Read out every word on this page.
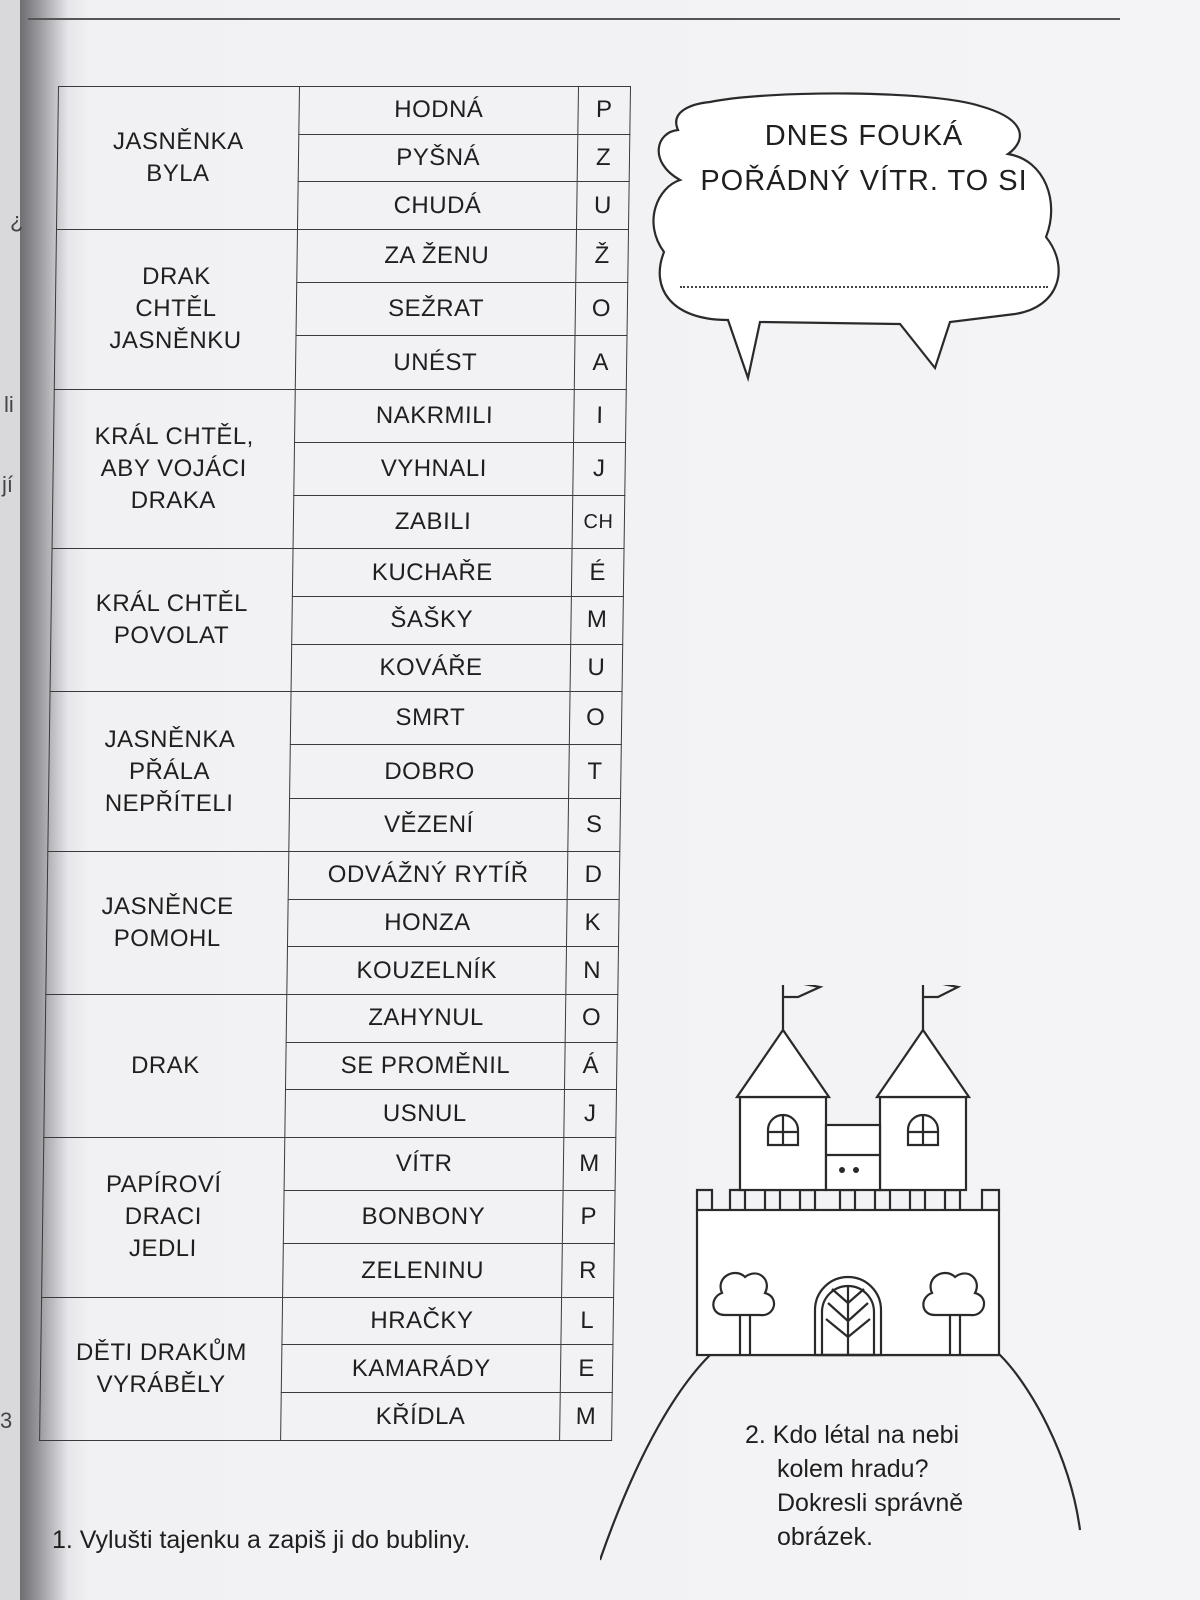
¿
li
jí
3
JASNĚNKA
BYLA	HODNÁ	P
	PYŠNÁ	Z
	CHUDÁ	U

DRAK
CHTĚL
JASNĚNKU	ZA ŽENU	Ž
	SEŽRAT	O
	UNÉST	A

KRÁL CHTĚL,
ABY VOJÁCI
DRAKA	NAKRMILI	I
	VYHNALI	J
	ZABILI	CH

KRÁL CHTĚL
POVOLAT	KUCHAŘE	É
	ŠAŠKY	M
	KOVÁŘE	U

JASNĚNKA
PŘÁLA
NEPŘÍTELI	SMRT	O
	DOBRO	T
	VĚZENÍ	S

JASNĚNCE
POMOHL	ODVÁŽNÝ RYTÍŘ	D
	HONZA	K
	KOUZELNÍK	N

DRAK	ZAHYNUL	O
	SE PROMĚNIL	Á
	USNUL	J

PAPÍROVÍ
DRACI
JEDLI	VÍTR	M
	BONBONY	P
	ZELENINU	R

DĚTI DRAKŮM
VYRÁBĚLY	HRAČKY	L
	KAMARÁDY	E
	KŘÍDLA	M
DNES FOUKÁ
POŘÁDNÝ VÍTR. TO SI
1. Vylušti tajenku a zapiš ji do bubliny.
2. Kdo létal na nebi
kolem hradu?
Dokresli správně
obrázek.
